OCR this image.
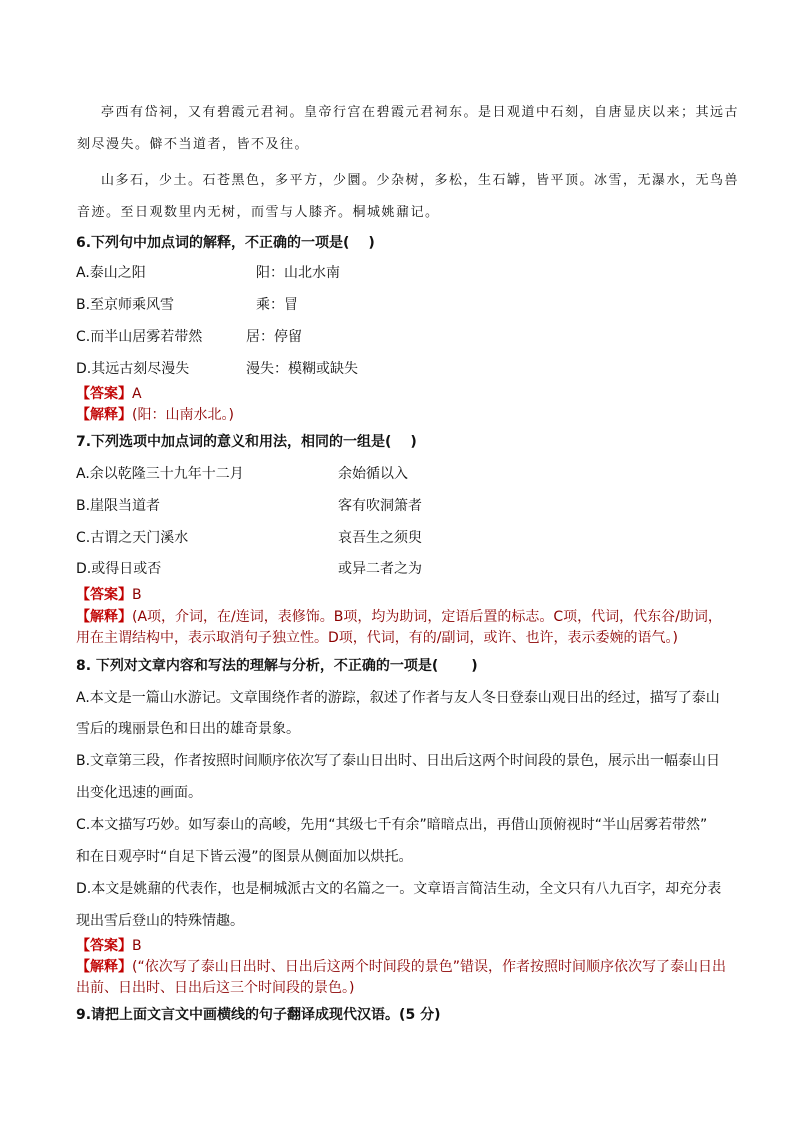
亭西有岱祠，又有碧霞元君祠。皇帝行宫在碧霞元君祠东。是日观道中石刻，自唐显庆以来；其远古
刻尽漫失。僻不当道者，皆不及往。
山多石，少土。石苍黑色，多平方，少圜。少杂树，多松，生石罅，皆平顶。冰雪，无瀑水，无鸟兽
音迹。至日观数里内无树，而雪与人膝齐。桐城姚鼐记。
6.下列句中加点词的解释，不正确的一项是(　 )
A.泰山之阳	阳：山北水南
B.至京师乘风雪	乘：冒
C.而半山居雾若带然	居：停留
D.其远古刻尽漫失	漫失：模糊或缺失
【答案】A
【解释】(阳：山南水北。)
7.下列选项中加点词的意义和用法，相同的一组是(　 )
A.余以乾隆三十九年十二月	余始循以入
B.崖限当道者	客有吹洞箫者
C.古谓之天门溪水	哀吾生之须臾
D.或得日或否	或异二者之为
【答案】B
【解释】(A项，介词，在/连词，表修饰。B项，均为助词，定语后置的标志。C项，代词，代东谷/助词，
用在主谓结构中，表示取消句子独立性。D项，代词，有的/副词，或许、也许，表示委婉的语气。)
8. 下列对文章内容和写法的理解与分析，不正确的一项是(　　 )
A.本文是一篇山水游记。文章围绕作者的游踪，叙述了作者与友人冬日登泰山观日出的经过，描写了泰山
雪后的瑰丽景色和日出的雄奇景象。
B.文章第三段，作者按照时间顺序依次写了泰山日出时、日出后这两个时间段的景色，展示出一幅泰山日
出变化迅速的画面。
C.本文描写巧妙。如写泰山的高峻，先用“其级七千有余”暗暗点出，再借山顶俯视时“半山居雾若带然”
和在日观亭时“自足下皆云漫”的图景从侧面加以烘托。
D.本文是姚鼐的代表作，也是桐城派古文的名篇之一。文章语言简洁生动，全文只有八九百字，却充分表
现出雪后登山的特殊情趣。
【答案】B
【解释】(“依次写了泰山日出时、日出后这两个时间段的景色”错误，作者按照时间顺序依次写了泰山日出
出前、日出时、日出后这三个时间段的景色。)
9.请把上面文言文中画横线的句子翻译成现代汉语。(5 分)
